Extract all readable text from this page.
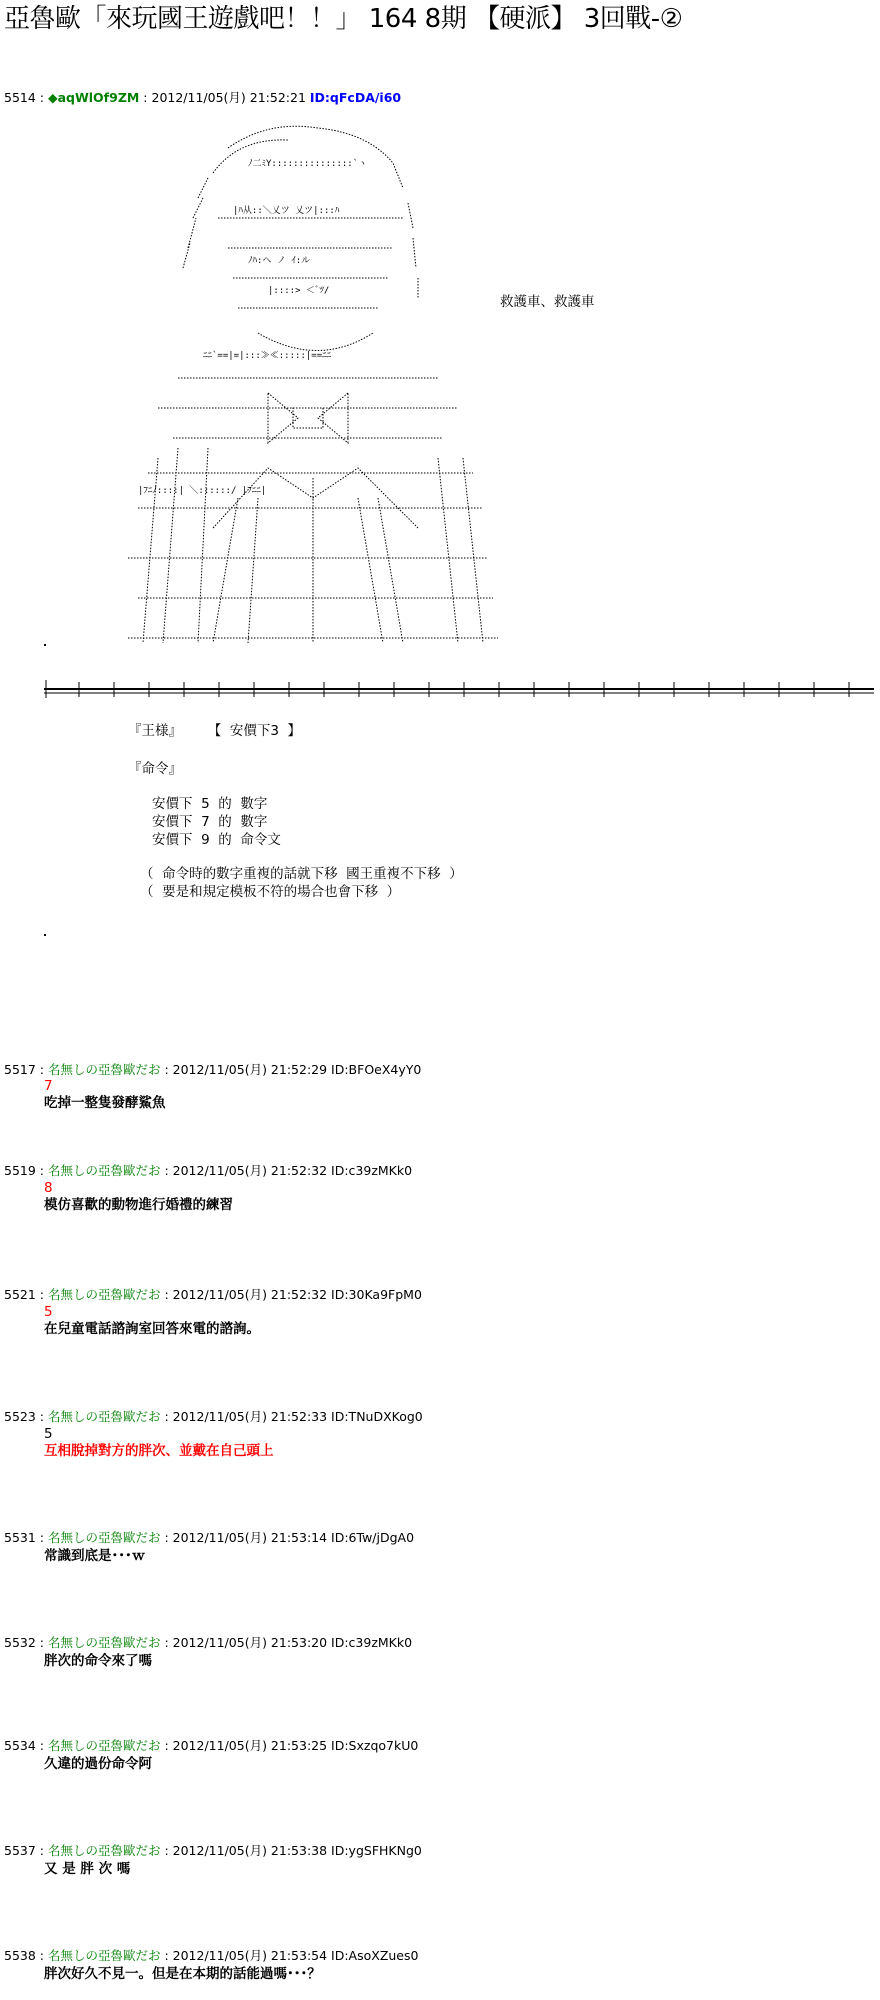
亞魯歐「來玩國王遊戲吧！！」 164 8期 【硬派】 3回戰-②
5514 : ◆aqWlOf9ZM : 2012/11/05(月) 21:52:21 ID:qFcDA/i60
ﾉ二ﾐY:::::::::::::::`ヽ
|ﾊ从::＼乂ツ 乂ツ|:::ﾊ
ﾉﾊ:ヘ ノ ｲ:ル
|::::> ＜ﾞﾂ/
ﾆﾆ`==|=|:::≫≪:::::|==ﾆﾆ
|ﾌﾆﾉ::::| ＼::::::/ |ﾌﾆﾆ|
救護車、救護車
『王様』      【  安價下3  】
『命令』
安價下  5  的  數字
安價下  7  的  數字
安價下  9  的  命令文
（  命令時的數字重複的話就下移  國王重複不下移  ）
（  要是和規定模板不符的場合也會下移  ）
5517 : 名無しの亞魯歐だお : 2012/11/05(月) 21:52:29 ID:BFOeX4yY0
7
吃掉一整隻發酵鯊魚
5519 : 名無しの亞魯歐だお : 2012/11/05(月) 21:52:32 ID:c39zMKk0
8
模仿喜歡的動物進行婚禮的練習
5521 : 名無しの亞魯歐だお : 2012/11/05(月) 21:52:32 ID:30Ka9FpM0
5
在兒童電話諮詢室回答來電的諮詢。
5523 : 名無しの亞魯歐だお : 2012/11/05(月) 21:52:33 ID:TNuDXKog0
5
互相脫掉對方的胖次、並戴在自己頭上
5531 : 名無しの亞魯歐だお : 2012/11/05(月) 21:53:14 ID:6Tw/jDgA0
常識到底是･･･ｗ
5532 : 名無しの亞魯歐だお : 2012/11/05(月) 21:53:20 ID:c39zMKk0
胖次的命令來了嗎
5534 : 名無しの亞魯歐だお : 2012/11/05(月) 21:53:25 ID:Sxzqo7kU0
久違的過份命令阿
5537 : 名無しの亞魯歐だお : 2012/11/05(月) 21:53:38 ID:ygSFHKNg0
又 是 胖 次 嗎
5538 : 名無しの亞魯歐だお : 2012/11/05(月) 21:53:54 ID:AsoXZues0
胖次好久不見一。但是在本期的話能過嗎･･･？
